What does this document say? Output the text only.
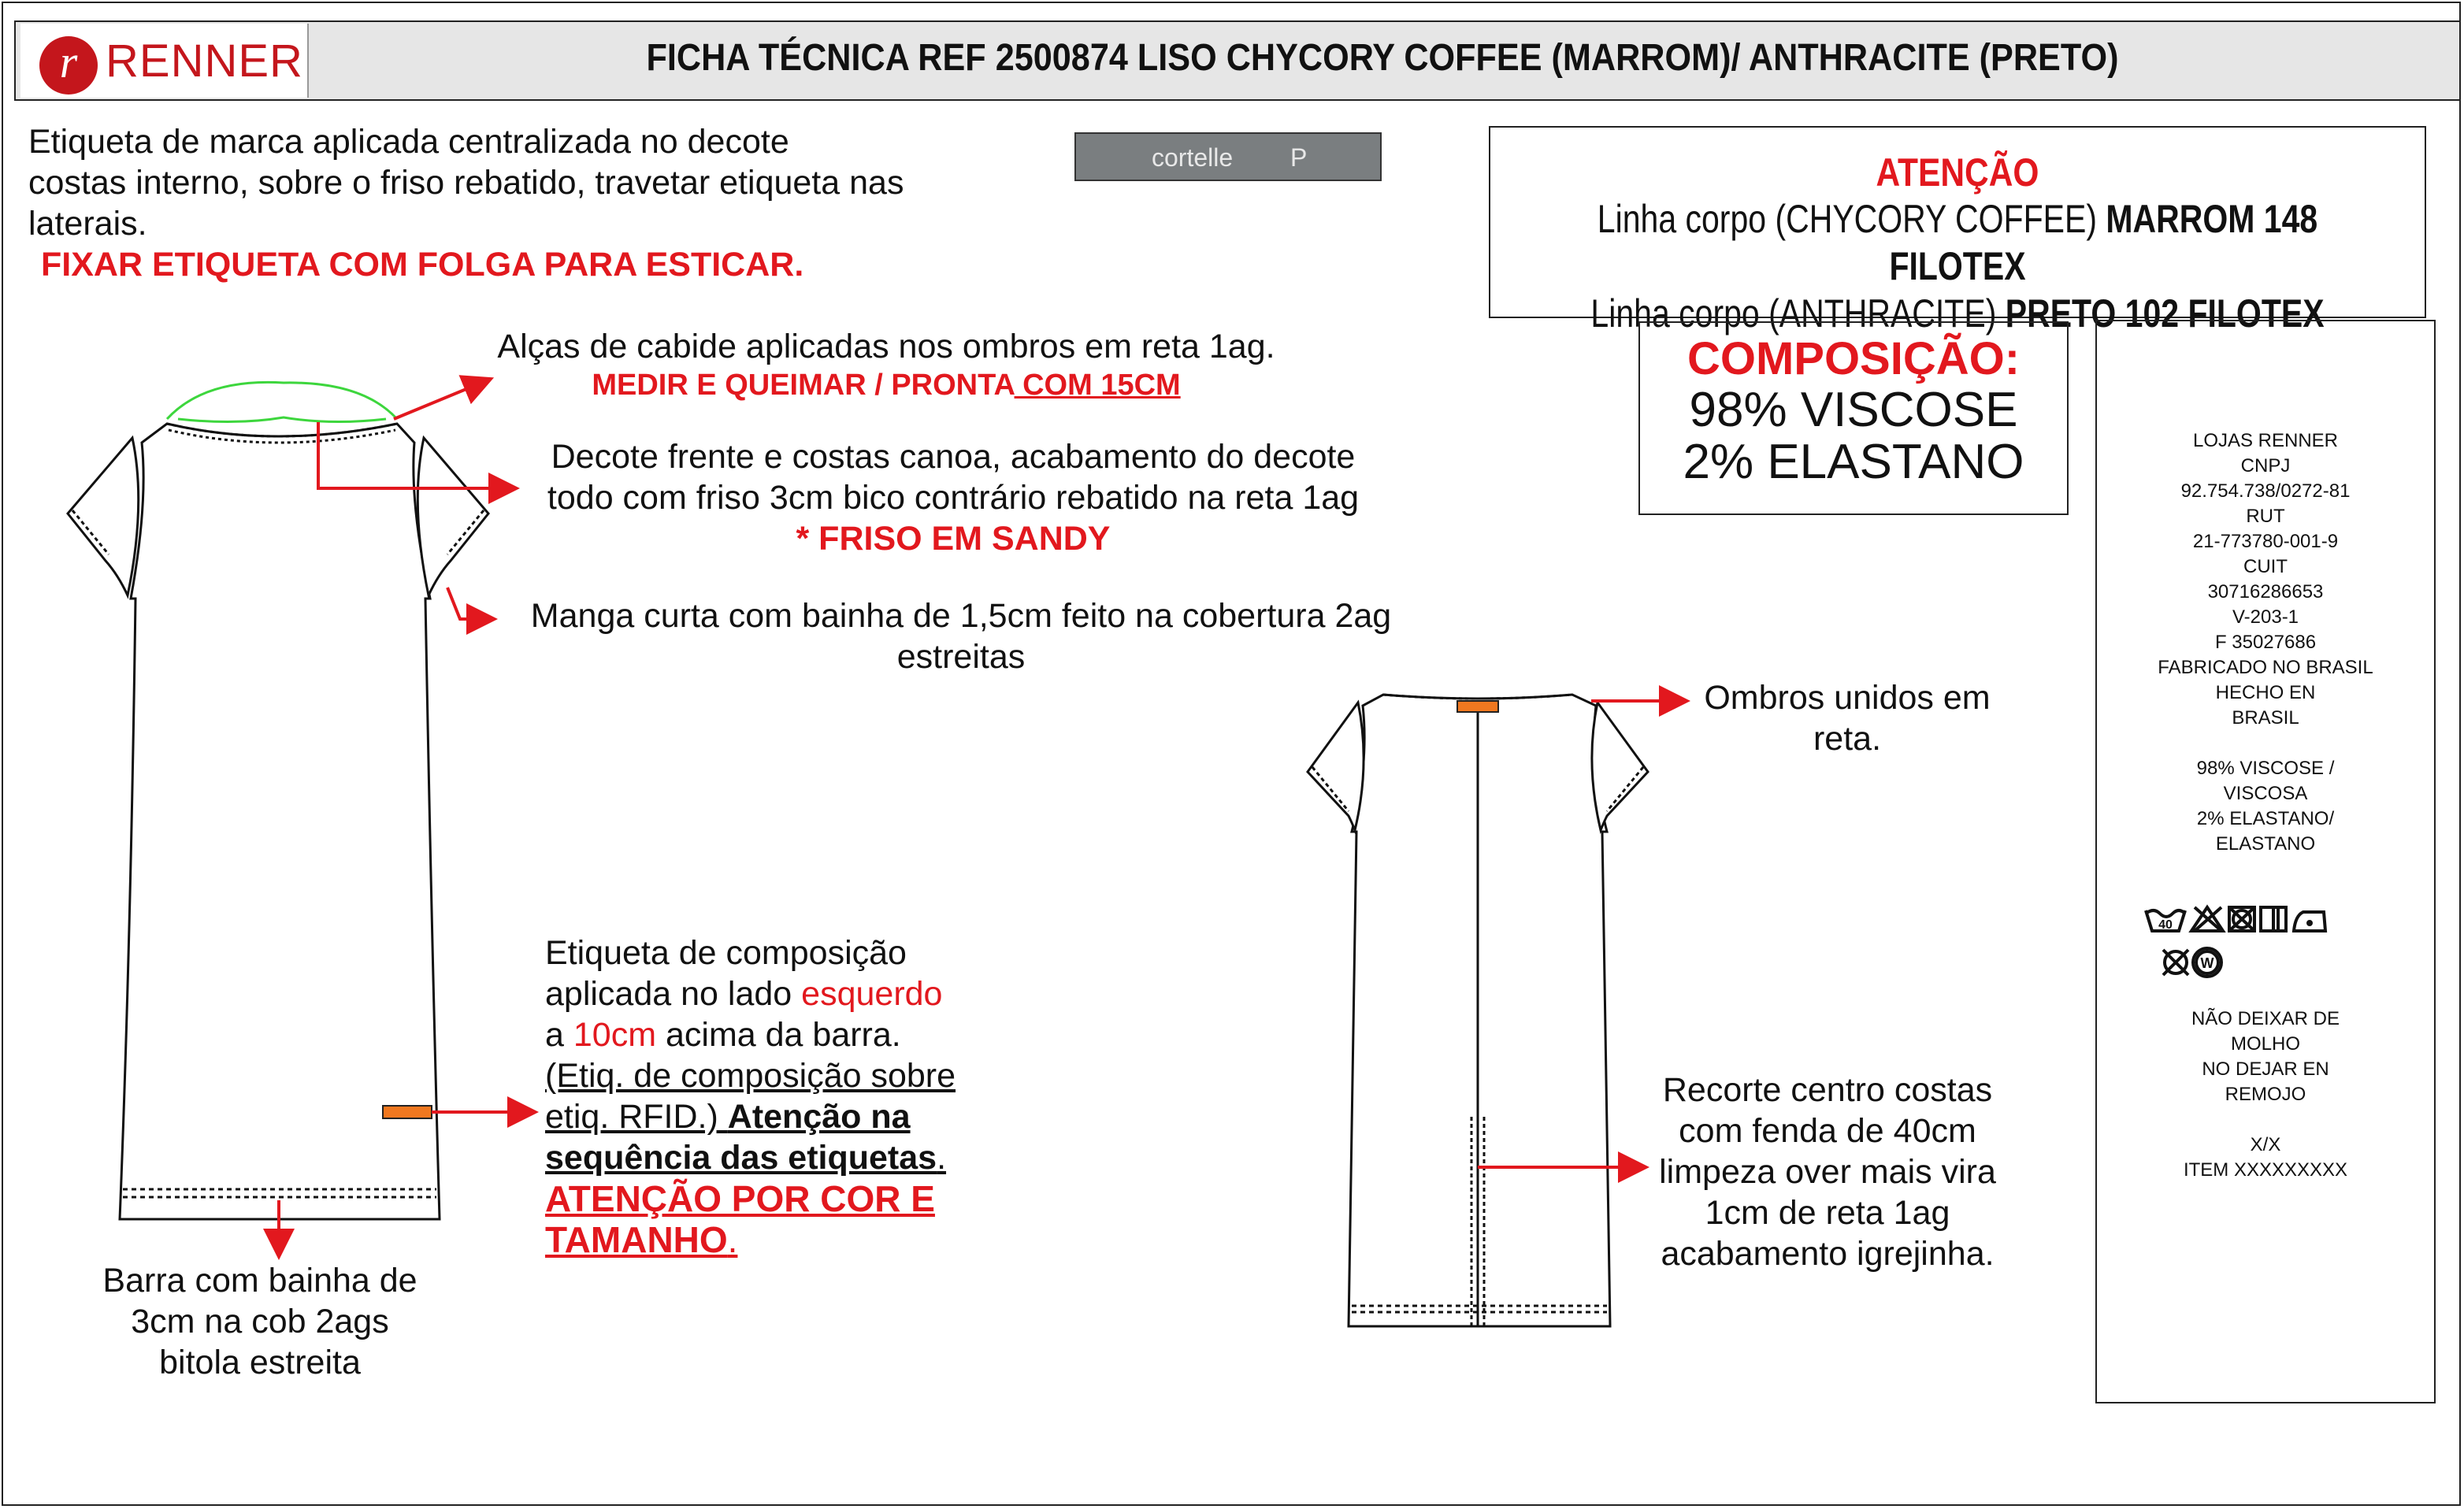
r RENNER	FICHA TÉCNICA REF 2500874 LISO CHYCORY COFFEE (MARROM)/ ANTHRACITE (PRETO)
Etiqueta de marca aplicada centralizada no decote
costas interno, sobre o friso rebatido, travetar etiqueta nas
laterais.
FIXAR ETIQUETA COM FOLGA PARA ESTICAR.
cortelle P	ATENÇÃO
Linha corpo (CHYCORY COFFEE) MARROM 148 FILOTEX
Linha corpo (ANTHRACITE) PRETO 102 FILOTEX
COMPOSIÇÃO:
98% VISCOSE
2% ELASTANO	LOJAS RENNER
CNPJ
92.754.738/0272-81
RUT
21-773780-001-9
CUIT
30716286653
V-203-1
F 35027686
FABRICADO NO BRASIL
HECHO EN
BRASIL
98% VISCOSE /
VISCOSA
2% ELASTANO/
ELASTANO
40
W
NÃO DEIXAR DE
MOLHO
NO DEJAR EN
REMOJO
X/X
ITEM XXXXXXXXX
Alças de cabide aplicadas nos ombros em reta 1ag.
MEDIR E QUEIMAR / PRONTA COM 15CM
Decote frente e costas canoa, acabamento do decote
todo com friso 3cm bico contrário rebatido na reta 1ag
* FRISO EM SANDY
Manga curta com bainha de 1,5cm feito na cobertura 2ag
estreitas
Etiqueta de composição
aplicada no lado esquerdo
a 10cm acima da barra.
(Etiq. de composição sobre
etiq. RFID.) Atenção na
sequência das etiquetas.
ATENÇÃO POR COR E
TAMANHO.
Barra com bainha de
3cm na cob 2ags
bitola estreita
Ombros unidos em
reta.
Recorte centro costas
com fenda de 40cm
limpeza over mais vira
1cm de reta 1ag
acabamento igrejinha.
